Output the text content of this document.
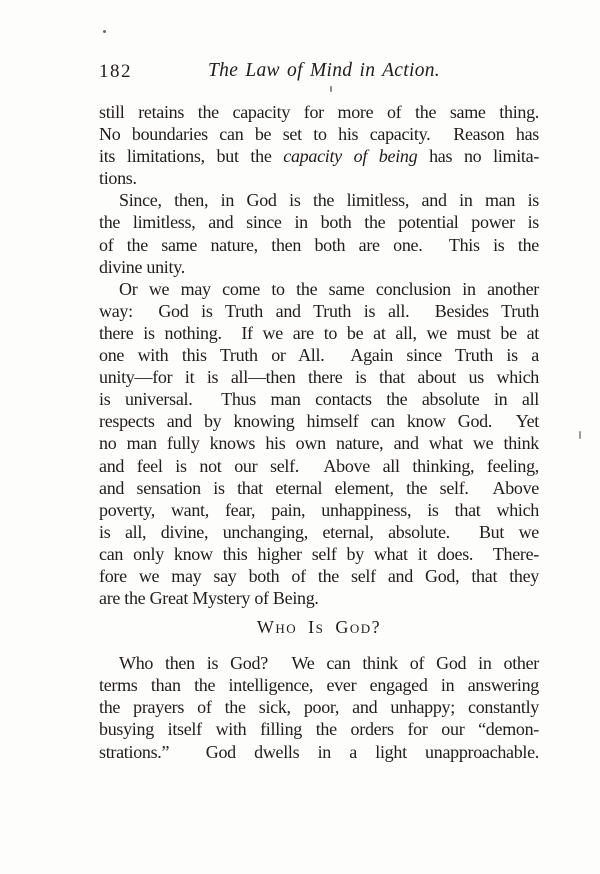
182	The Law of Mind in Action.
still retains the capacity for more of the same thing.
No boundaries can be set to his capacity.  Reason has
its limitations, but the capacity of being has no limita-
tions.
Since, then, in God is the limitless, and in man is
the limitless, and since in both the potential power is
of the same nature, then both are one.  This is the
divine unity.
Or we may come to the same conclusion in another
way:  God is Truth and Truth is all.  Besides Truth
there is nothing.  If we are to be at all, we must be at
one with this Truth or All.  Again since Truth is a
unity—for it is all—then there is that about us which
is universal.  Thus man contacts the absolute in all
respects and by knowing himself can know God.  Yet
no man fully knows his own nature, and what we think
and feel is not our self.  Above all thinking, feeling,
and sensation is that eternal element, the self.  Above
poverty, want, fear, pain, unhappiness, is that which
is all, divine, unchanging, eternal, absolute.  But we
can only know this higher self by what it does.  There-
fore we may say both of the self and God, that they
are the Great Mystery of Being.
Who Is God?
Who then is God?  We can think of God in other
terms than the intelligence, ever engaged in answering
the prayers of the sick, poor, and unhappy; constantly
busying itself with filling the orders for our “demon-
strations.”  God dwells in a light unapproachable.
